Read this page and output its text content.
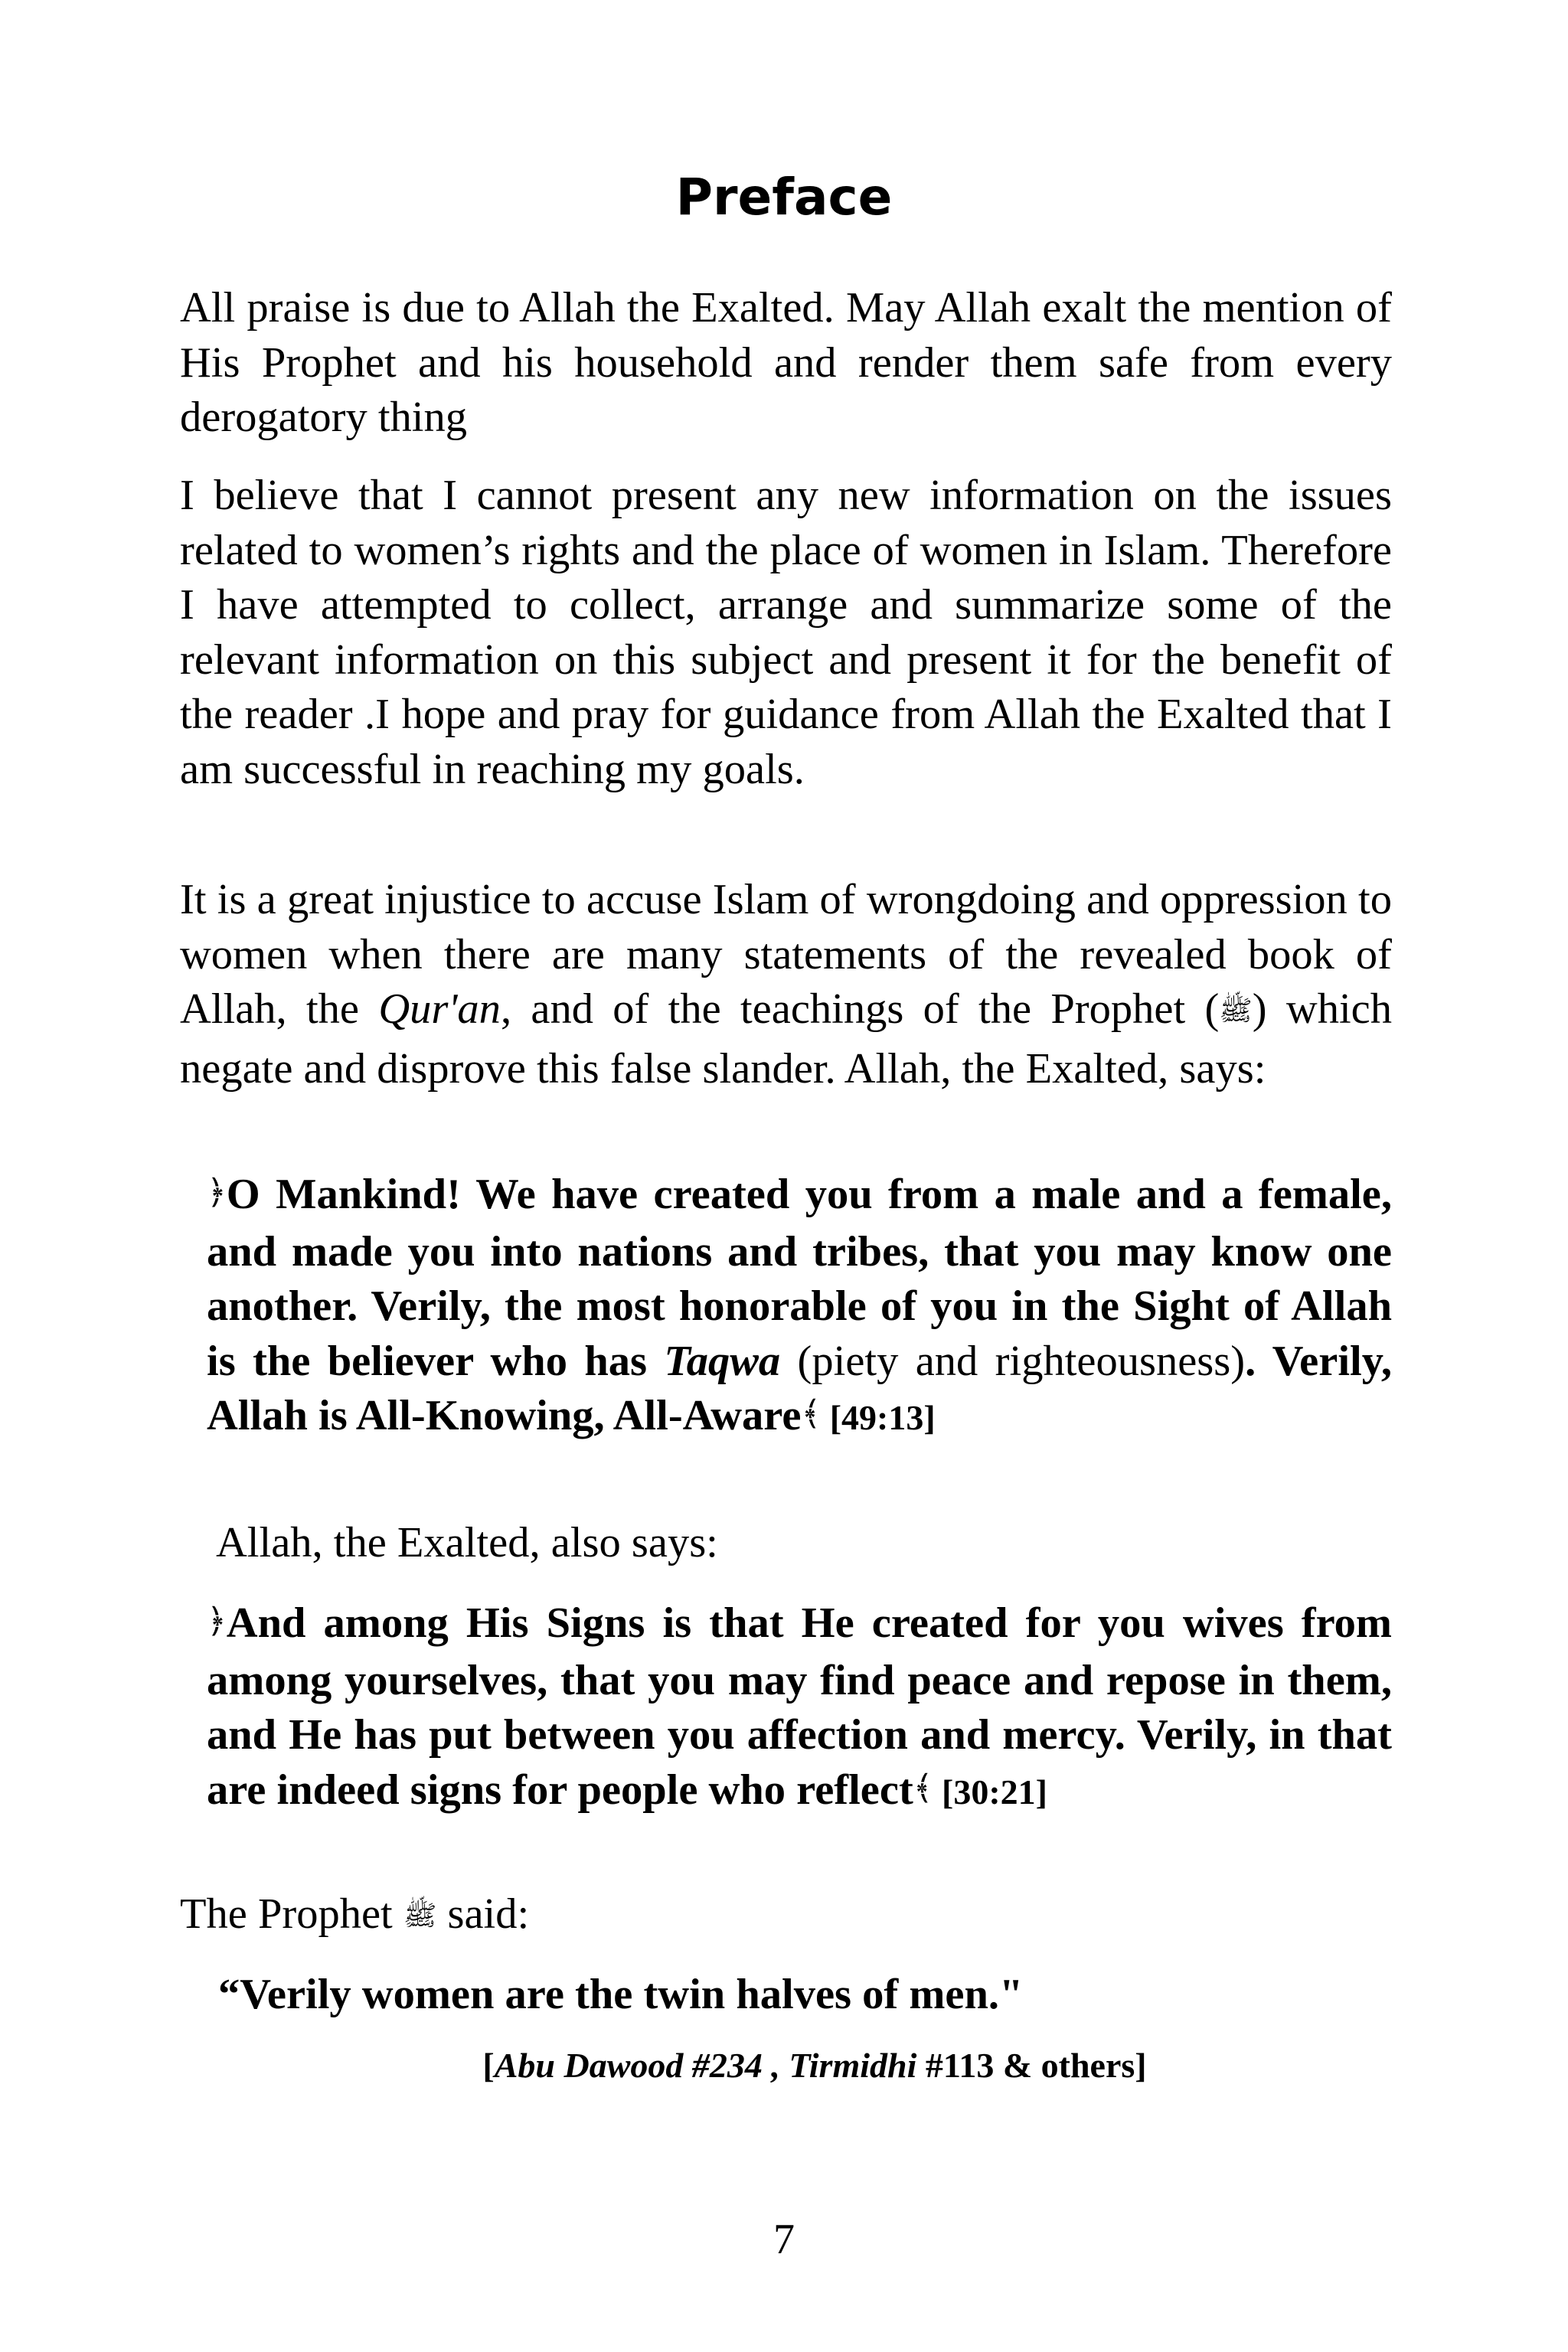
Preface

All praise is due to Allah the Exalted. May Allah exalt the mention of His Prophet and his household and render them safe from every derogatory thing

I believe that I cannot present any new information on the issues related to women’s rights and the place of women in Islam. Therefore I have attempted to collect, arrange and summarize some of the relevant information on this subject and present it for the benefit of the reader .I hope and pray for guidance from Allah the Exalted that I am successful in reaching my goals.

It is a great injustice to accuse Islam of wrongdoing and oppression to women when there are many statements of the revealed book of Allah, the Qur'an, and of the teachings of the Prophet (ﷺ) which negate and disprove this false slander. Allah, the Exalted, says:

﴿O Mankind! We have created you from a male and a female, and made you into nations and tribes, that you may know one another. Verily, the most honorable of you in the Sight of Allah is the believer who has Taqwa (piety and righteousness). Verily, Allah is All-Knowing, All-Aware﴾ [49:13]

Allah, the Exalted, also says:

﴿And among His Signs is that He created for you wives from among yourselves, that you may find peace and repose in them, and He has put between you affection and mercy. Verily, in that are indeed signs for people who reflect﴾ [30:21]

The Prophet ﷺ said:

“Verily women are the twin halves of men."

[Abu Dawood #234 , Tirmidhi #113 & others]

7
